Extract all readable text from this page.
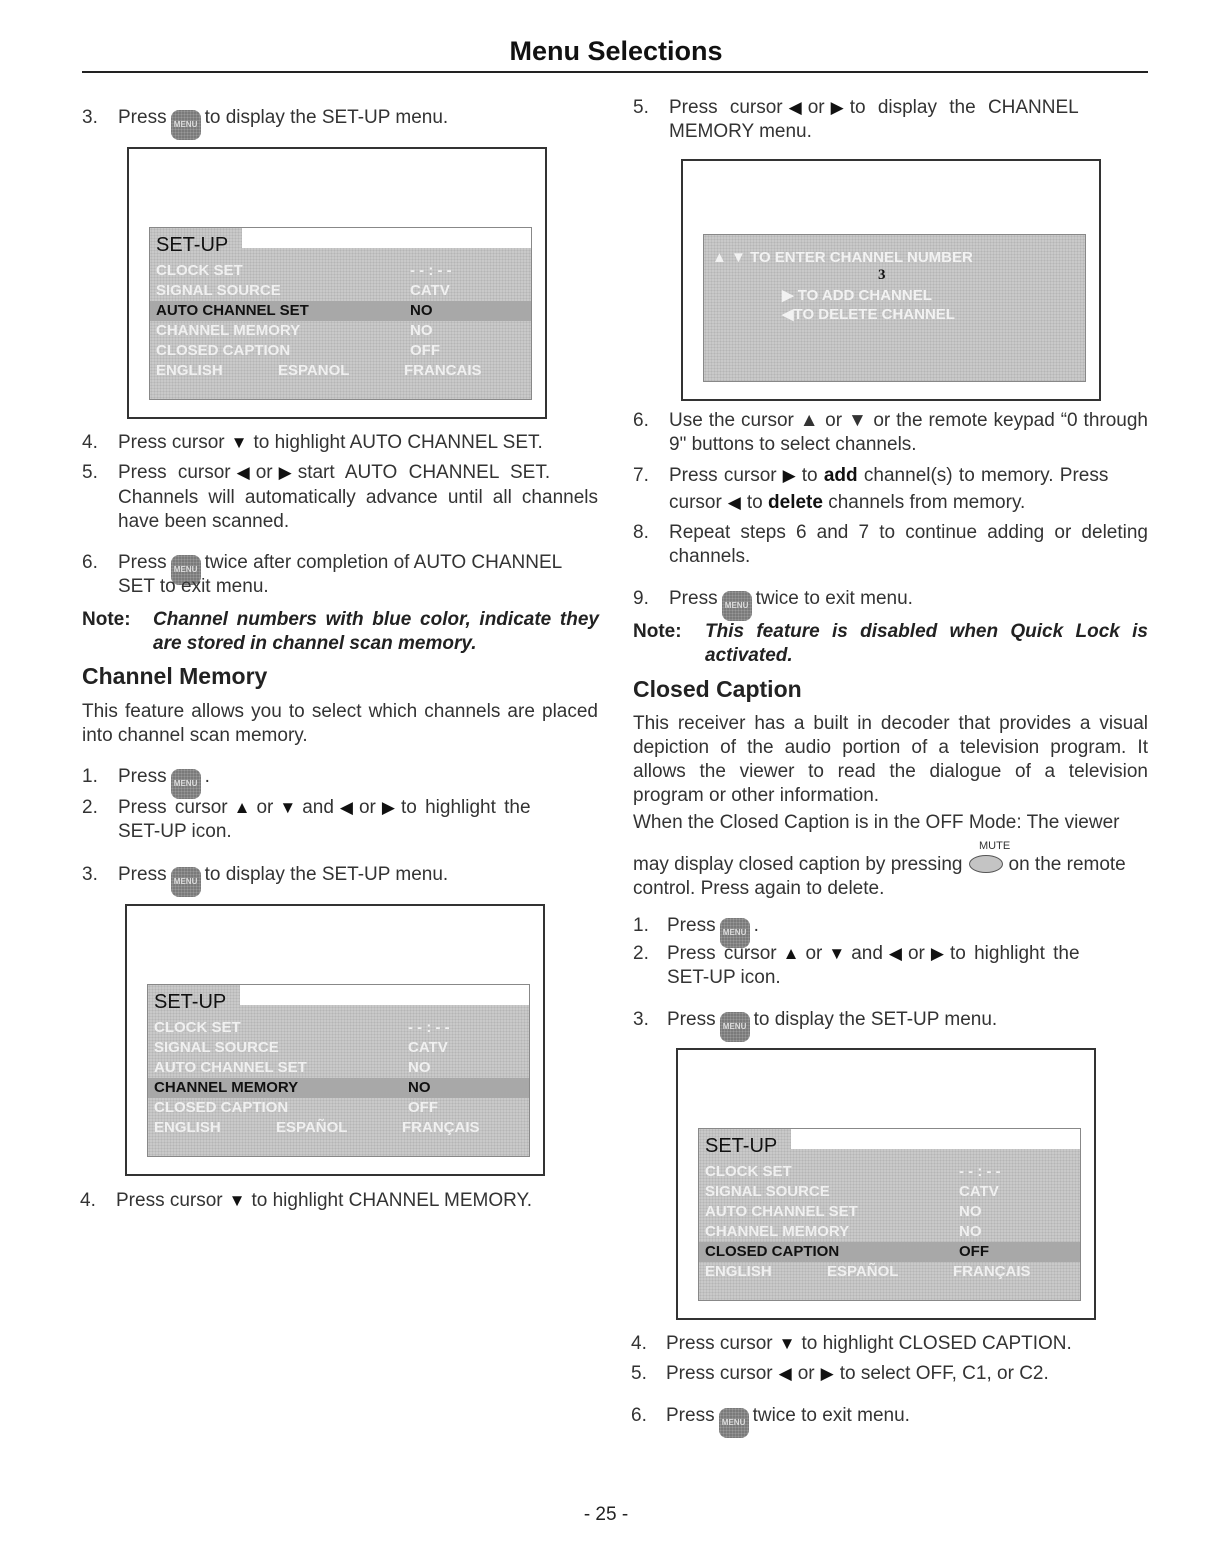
Menu Selections
3. Press MENU to display the SET-UP menu.
SET-UP
CLOCK SET	- - : - -
SIGNAL SOURCE	CATV
AUTO CHANNEL SET	NO
CHANNEL MEMORY	NO
CLOSED CAPTION	OFF
ENGLISH	ESPANOL	FRANCAIS
4. Press cursor ▼ to highlight AUTO CHANNEL SET.
5. Press cursor ◀ or ▶ start AUTO CHANNEL SET.
Channels will automatically advance until all channels have been scanned.
6. Press MENU twice after completion of AUTO CHANNEL
SET to exit menu.
Note: Channel numbers with blue color, indicate they are stored in channel scan memory.
Channel Memory
This feature allows you to select which channels are placed into channel scan memory.
1. Press MENU .
2. Press cursor ▲ or ▼ and ◀ or ▶ to highlight the
SET-UP icon.
3. Press MENU to display the SET-UP menu.
SET-UP
CLOCK SET	- - : - -
SIGNAL SOURCE	CATV
AUTO CHANNEL SET	NO
CHANNEL MEMORY	NO
CLOSED CAPTION	OFF
ENGLISH	ESPAÑOL	FRANÇAIS
4. Press cursor ▼ to highlight CHANNEL MEMORY.
5. Press cursor ◀ or ▶ to display the CHANNEL
MEMORY menu.
▲ ▼ TO ENTER CHANNEL NUMBER
3
▶ TO ADD CHANNEL
◀TO DELETE CHANNEL
6. Use the cursor ▲ or ▼ or the remote keypad “0 through 9" buttons to select channels.
7. Press cursor ▶ to add channel(s) to memory. Press
cursor ◀ to delete channels from memory.
8. Repeat steps 6 and 7 to continue adding or deleting channels.
9. Press MENU twice to exit menu.
Note: This feature is disabled when Quick Lock is activated.
Closed Caption
This receiver has a built in decoder that provides a visual depiction of the audio portion of a television program. It allows the viewer to read the dialogue of a television program or other information.
When the Closed Caption is in the OFF Mode: The viewer
MUTE
may display closed caption by pressing on the remote
control. Press again to delete.
1. Press MENU .
2. Press cursor ▲ or ▼ and ◀ or ▶ to highlight the
SET-UP icon.
3. Press MENU to display the SET-UP menu.
SET-UP
CLOCK SET	- - : - -
SIGNAL SOURCE	CATV
AUTO CHANNEL SET	NO
CHANNEL MEMORY	NO
CLOSED CAPTION	OFF
ENGLISH	ESPAÑOL	FRANÇAIS
4. Press cursor ▼ to highlight CLOSED CAPTION.
5. Press cursor ◀ or ▶ to select OFF, C1, or C2.
6. Press MENU twice to exit menu.
- 25 -
